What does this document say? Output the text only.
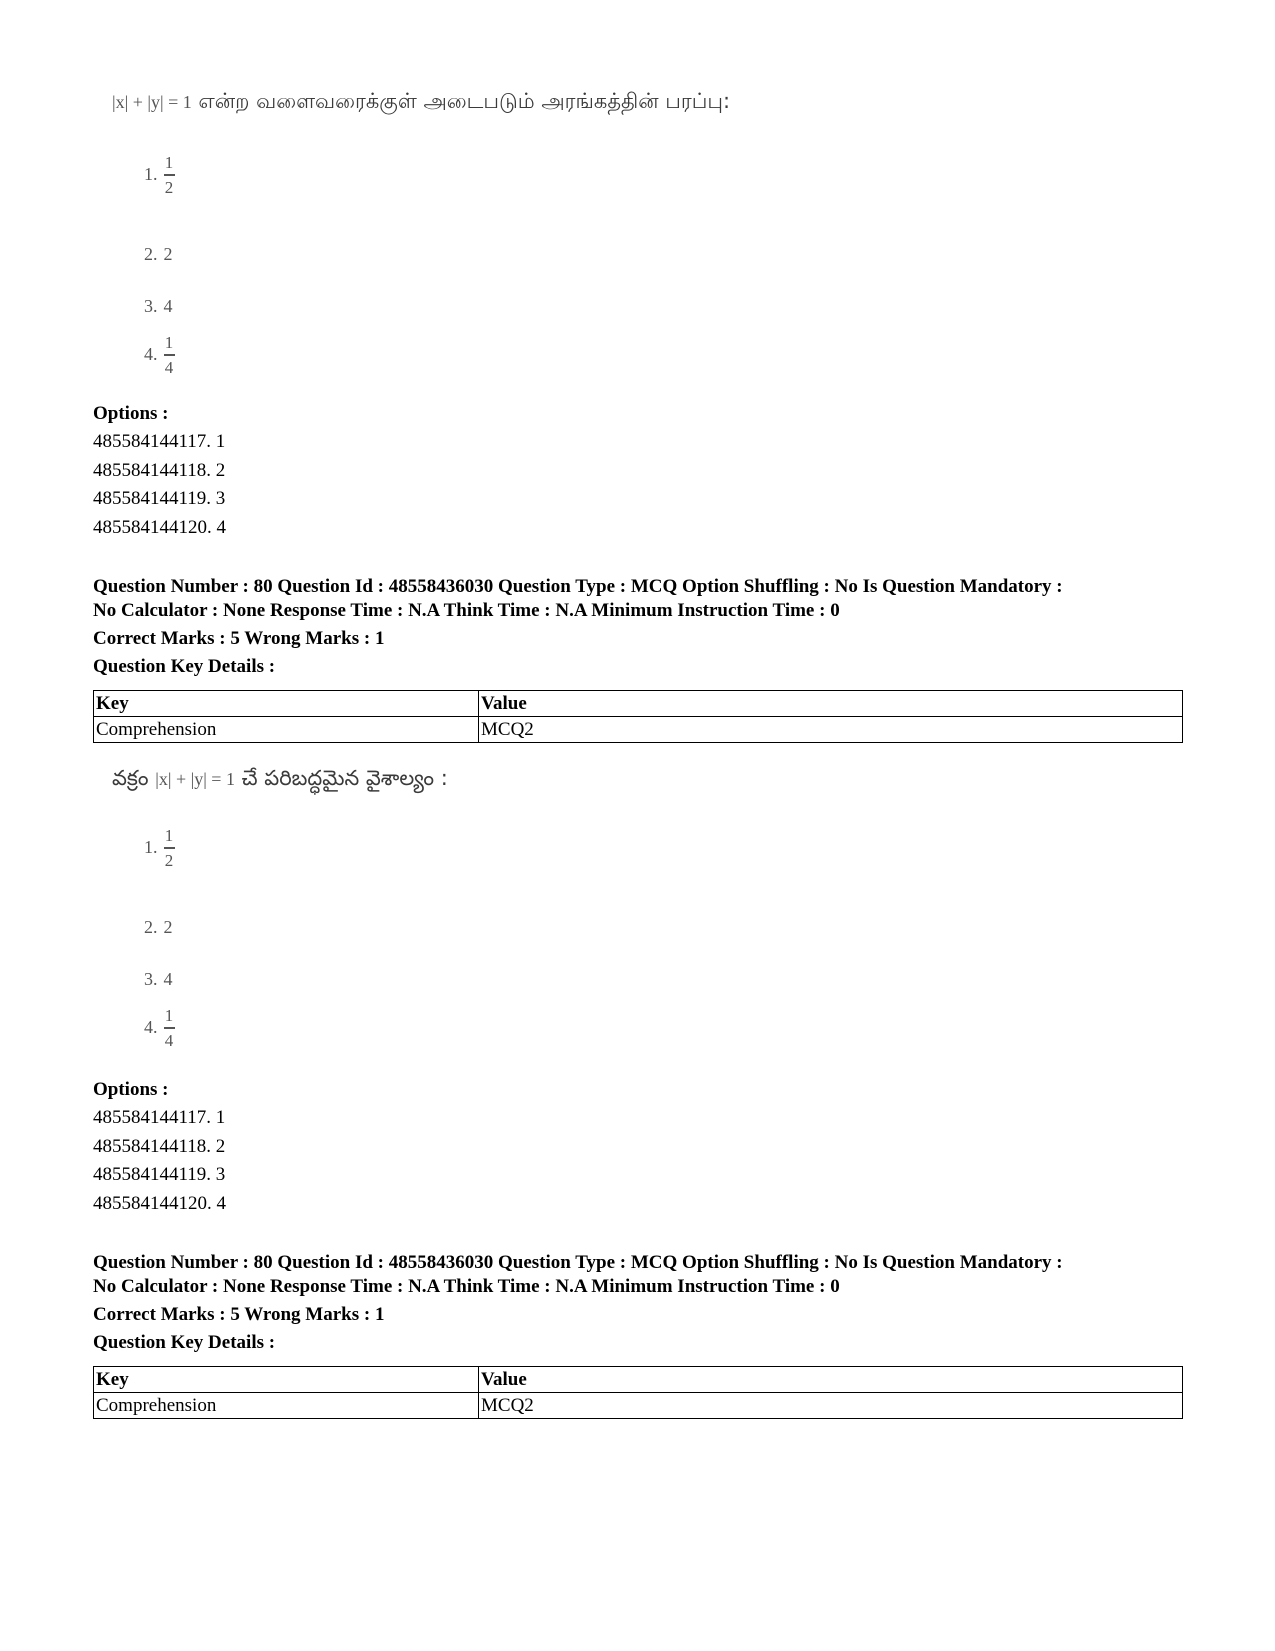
|x| + |y| = 1 என்ற வளைவரைக்குள் அடைபடும் அரங்கத்தின் பரப்பு:
1. $\frac{1}{2}$
2. 2
3. 4
4. $\frac{1}{4}$
Options :
485584144117. 1
485584144118. 2
485584144119. 3
485584144120. 4
Question Number : 80 Question Id : 48558436030 Question Type : MCQ Option Shuffling : No Is Question Mandatory :
No Calculator : None Response Time : N.A Think Time : N.A Minimum Instruction Time : 0
Correct Marks : 5 Wrong Marks : 1
Question Key Details :
Key	Value
Comprehension	MCQ2
వక్రం |x| + |y| = 1 చే పరిబద్ధమైన వైశాల్యం :
1. $\frac{1}{2}$
2. 2
3. 4
4. $\frac{1}{4}$
Options :
485584144117. 1
485584144118. 2
485584144119. 3
485584144120. 4
Question Number : 80 Question Id : 48558436030 Question Type : MCQ Option Shuffling : No Is Question Mandatory :
No Calculator : None Response Time : N.A Think Time : N.A Minimum Instruction Time : 0
Correct Marks : 5 Wrong Marks : 1
Question Key Details :
Key	Value
Comprehension	MCQ2
